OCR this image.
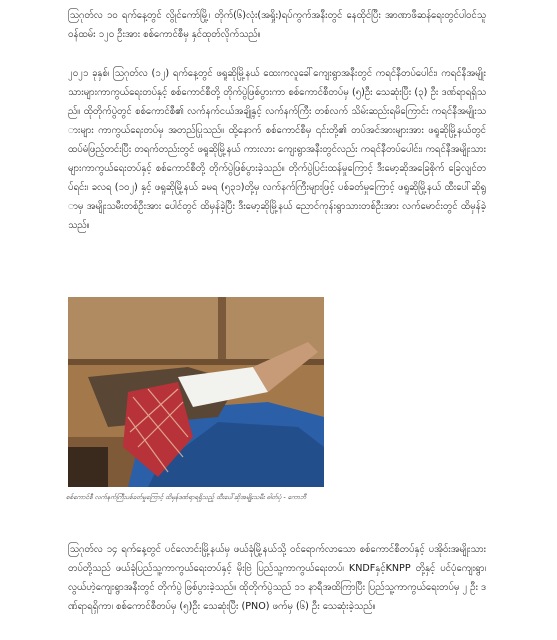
ဩဂုတ်လ ၁၀ ရက်နေ့တွင် လွိုင်ကော်မြို့၊ တိုက်(၆)လုံး(အရှိုး)ရပ်ကွက်အနီးတွင် နေထိုင်ပြီး အာဏာဖီဆန်ရေးတွင်ပါဝင်သူ ဝန်ထမ်း ၁၂၀ ဦးအား စစ်ကောင်စီမှ နှင်ထုတ်လိုက်သည်။

၂၀၂၁ ခုနှစ်၊ ဩဂုတ်လ (၁၂) ရက်နေ့တွင် ဖရူဆိုမြို့နယ် ထေးကလူခေါ်ကျေးရွာအနီးတွင် ကရင်နီတပ်ပေါင်း၊ ကရင်နီအမျိုးသားများကာကွယ်ရေးတပ်နှင့် စစ်ကောင်စီတို့ တိုက်ပွဲဖြစ်ပွားကာ စစ်ကောင်စီတပ်မှ (၅)ဦး သေဆုံးပြီး (၃) ဦး ဒဏ်ရာရရှိသည်။ ထိုတိုက်ပွဲတွင် စစ်ကောင်စီ၏ လက်နက်ငယ်အချို့နှင့် လက်နက်ကြီး တစ်လက် သိမ်းဆည်းရမိကြောင်း ကရင်နီအမျိုးသားများ ကာကွယ်ရေးတပ်မှ အတည်ပြုသည်။ ထို့နောက် စစ်ကောင်စီမှ ၎င်းတို့၏ တပ်အင်အားများအား ဖရူဆိုမြို့နယ်တွင် ထပ်မံဖြည့်တင်းပြီး တရက်တည်းတွင် ဖရူဆိုမြို့နယ် ကားလား ကျေးရွာအနီးတွင်လည်း ကရင်နီတပ်ပေါင်း၊ ကရင်နီအမျိုးသားများကာကွယ်ရေးတပ်နှင့် စစ်ကောင်စီတို့ တိုက်ပွဲဖြစ်ပွားခဲ့သည်။ တိုက်ပွဲပြင်းထန်မှုကြောင့် ဒီးမော့ဆိုအခြေစိုက် ခြေလျင်တပ်ရင်း၊ ခလရ (၁၀၂) နှင့် ဖရူဆိုမြို့နယ် ခမရ (၅၃၁)တို့မှ လက်နက်ကြီးများဖြင့် ပစ်ခတ်မှုကြောင့် ဖရူဆိုမြို့နယ် ထီးပေါ်ဆိုရွာမှ အမျိုးသမီးတစ်ဦးအား ပေါင်တွင် ထိမှန်ခဲ့ပြီး ဒီးမော့ဆိုမြို့နယ် ညောင်ကုန်းရွာသားတစ်ဦးအား လက်မောင်းတွင် ထိမှန်ခဲ့သည်။

စစ်ကောင်စီ လက်နက်ကြီးပစ်ခတ်မှုကြောင့် ထိမှန်ဒဏ်ရာရရှိသည့် ထီးပေါ်ဆိုအမျိုးသမီး ဓါတ်ပုံ - ကောဘီ

ဩဂုတ်လ ၁၄ ရက်နေ့တွင် ပင်လောင်းမြို့နယ်မှ ဖယ်ခုံမြို့နယ်သို့ ဝင်ရောက်လာသော စစ်ကောင်စီတပ်နှင့် ပအိုဝ်းအမျိုးသားတပ်တို့သည် ဖယ်ခုံပြည်သူ့ကာကွယ်ရေးတပ်နှင့် မိုးဗြဲ ပြည်သူ့ကာကွယ်ရေးတပ်၊ KNDFနှင့်KNPP တို့နှင့် ပင်ပုံကျေးရွာ၊ လွယ်ဟဲ့ကျေးရွာအနီးတွင် တိုက်ပွဲ ဖြစ်ပွားခဲ့သည်။ ထိုတိုက်ပွဲသည် ၁၁ နာရီအထိကြာပြီး ပြည်သူ့ကာကွယ်ရေးတပ်မှ ၂ ဦး ဒဏ်ရာရရှိကာ၊ စစ်ကောင်စီတပ်မှ (၅)ဦး သေဆုံးပြီး (PNO) ဖက်မှ (၆) ဦး သေဆုံးခဲ့သည်။
